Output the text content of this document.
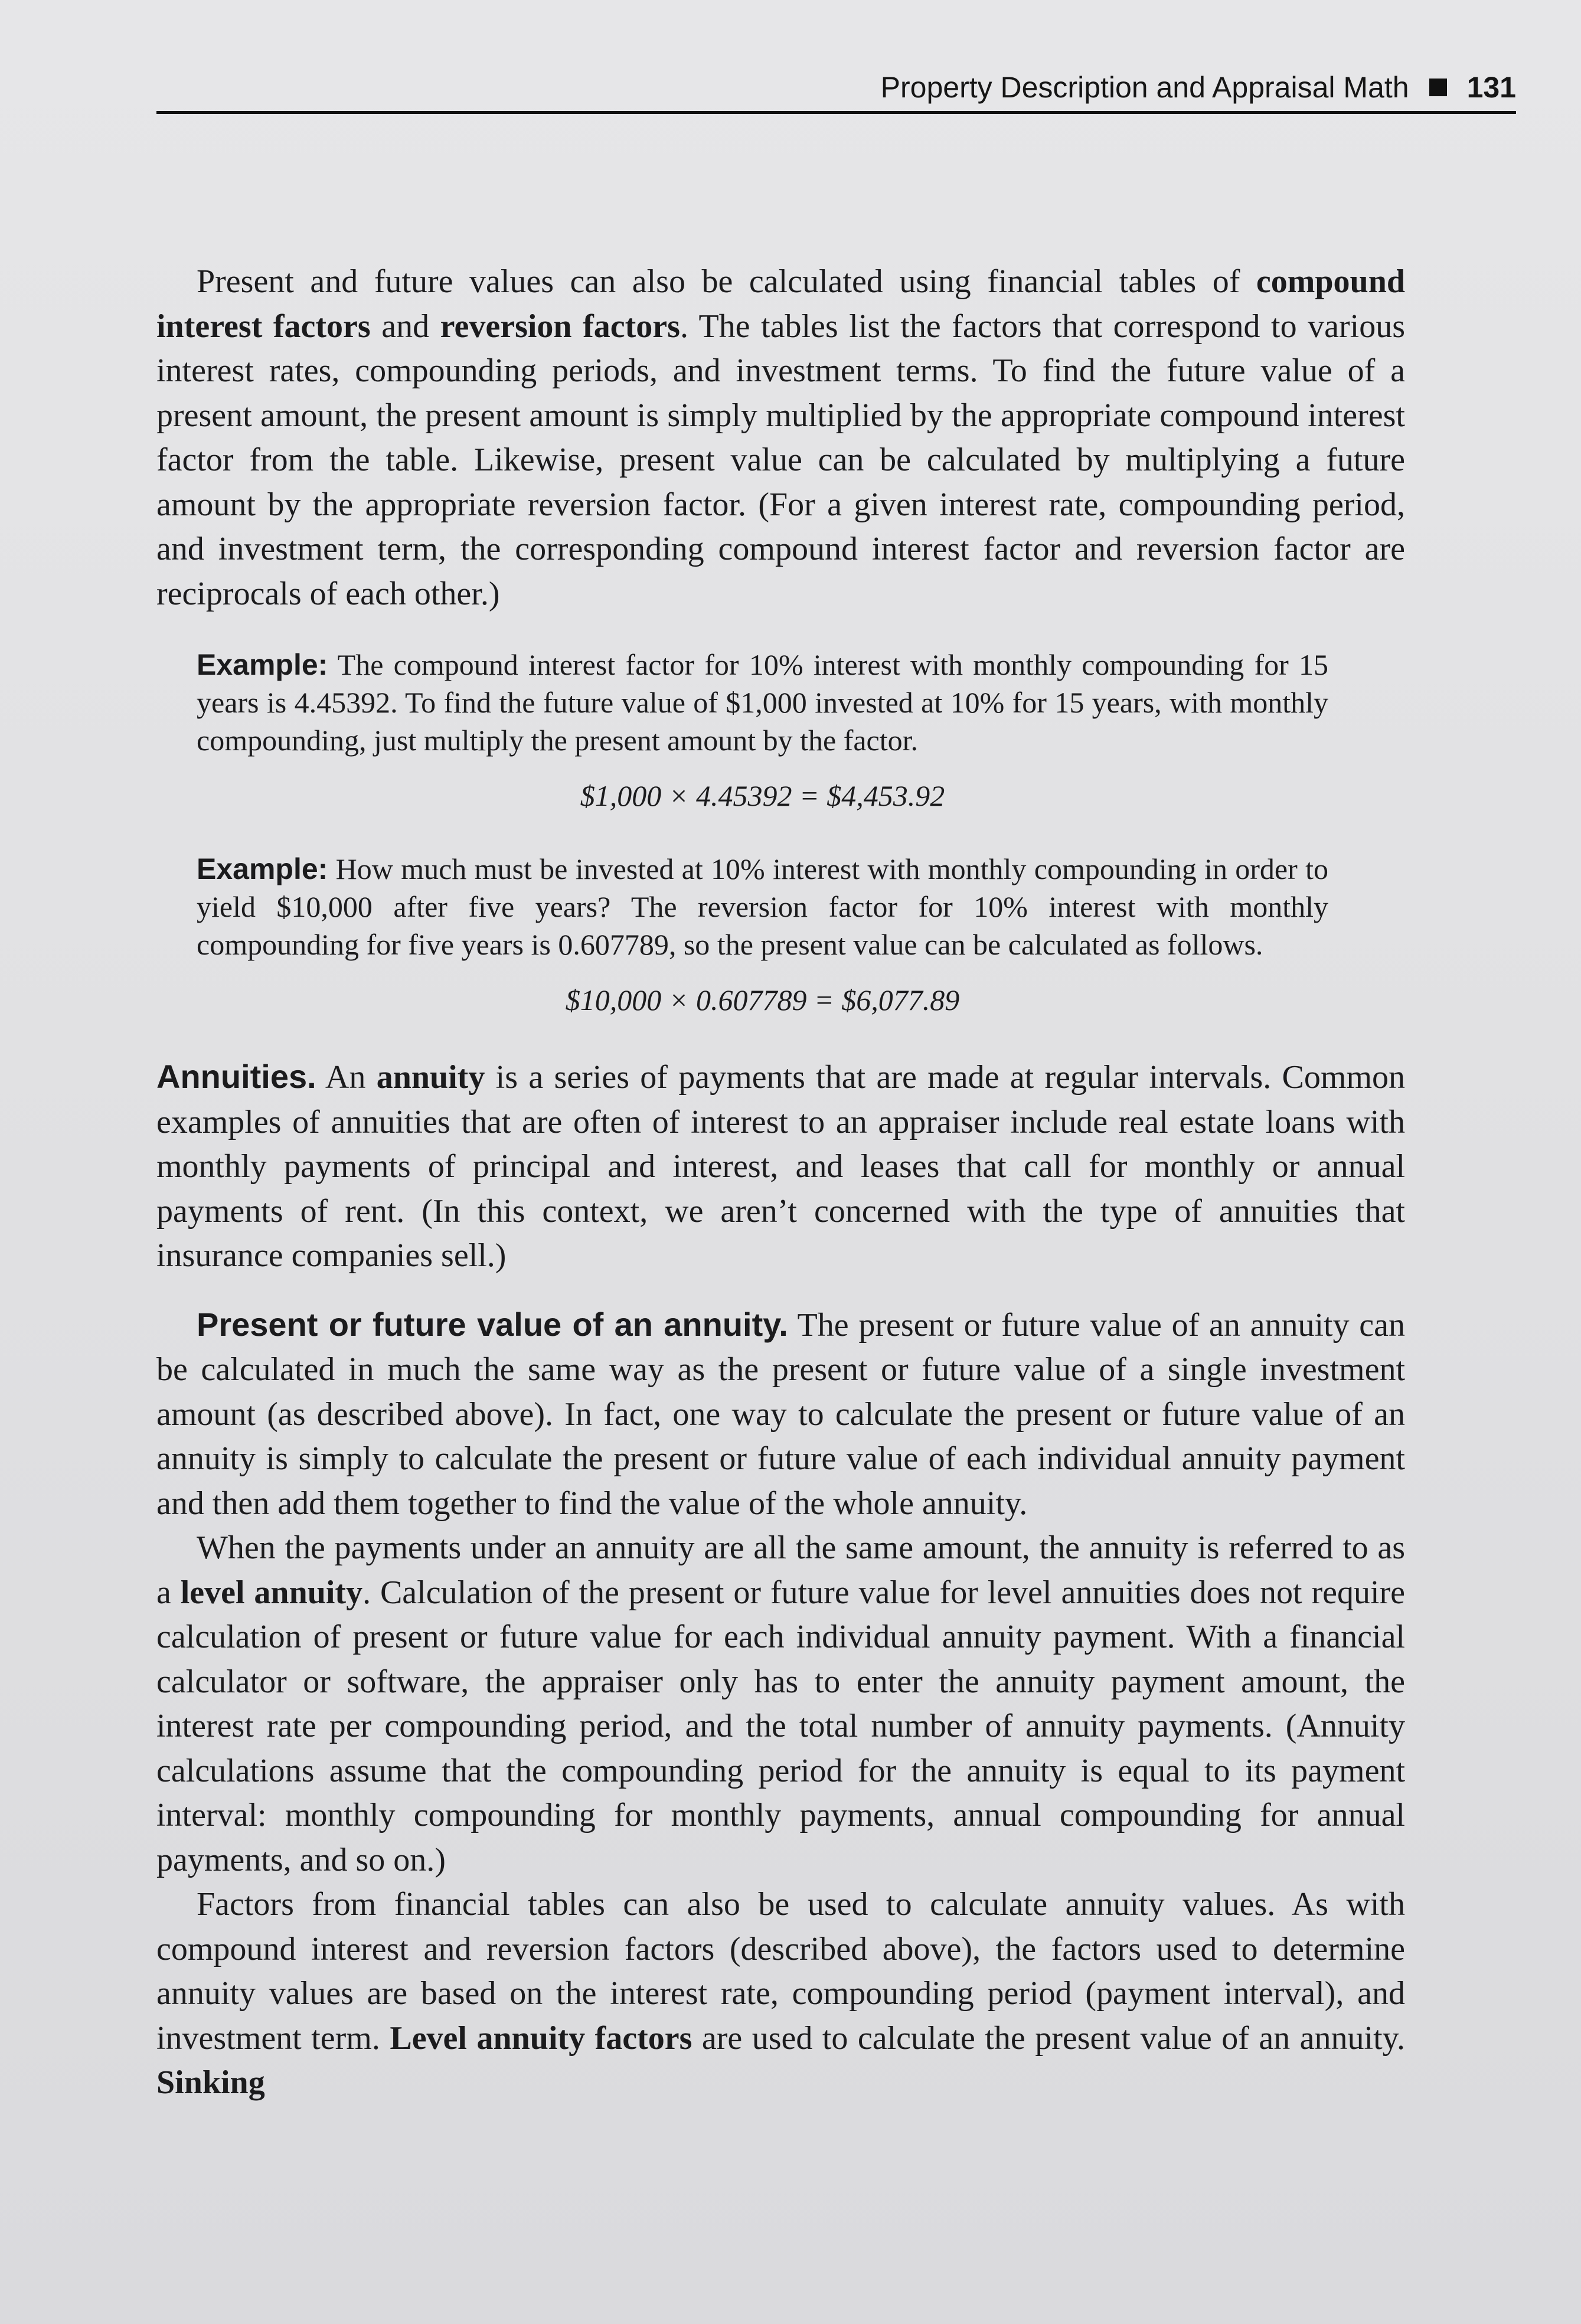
Property Description and Appraisal Math 131

Present and future values can also be calculated using financial tables of compound interest factors and reversion factors. The tables list the factors that correspond to various interest rates, compounding periods, and investment terms. To find the future value of a present amount, the present amount is simply multiplied by the appropriate compound interest factor from the table. Likewise, present value can be calculated by multiplying a future amount by the appropriate reversion factor. (For a given interest rate, compounding period, and investment term, the corresponding compound interest factor and reversion factor are reciprocals of each other.)

Example: The compound interest factor for 10% interest with monthly compounding for 15 years is 4.45392. To find the future value of $1,000 invested at 10% for 15 years, with monthly compounding, just multiply the present amount by the factor.

$1,000 × 4.45392 = $4,453.92

Example: How much must be invested at 10% interest with monthly compounding in order to yield $10,000 after five years? The reversion factor for 10% interest with monthly compounding for five years is 0.607789, so the present value can be calculated as follows.

$10,000 × 0.607789 = $6,077.89

Annuities. An annuity is a series of payments that are made at regular intervals. Common examples of annuities that are often of interest to an appraiser include real estate loans with monthly payments of principal and interest, and leases that call for monthly or annual payments of rent. (In this context, we aren’t concerned with the type of annuities that insurance companies sell.)

Present or future value of an annuity. The present or future value of an annuity can be calculated in much the same way as the present or future value of a single investment amount (as described above). In fact, one way to calculate the present or future value of an annuity is simply to calculate the present or future value of each individual annuity payment and then add them together to find the value of the whole annuity.

When the payments under an annuity are all the same amount, the annuity is referred to as a level annuity. Calculation of the present or future value for level annuities does not require calculation of present or future value for each individual annuity payment. With a financial calculator or software, the appraiser only has to enter the annuity payment amount, the interest rate per compounding period, and the total number of annuity payments. (Annuity calculations assume that the compounding period for the annuity is equal to its payment interval: monthly compounding for monthly payments, annual compounding for annual payments, and so on.)

Factors from financial tables can also be used to calculate annuity values. As with compound interest and reversion factors (described above), the factors used to determine annuity values are based on the interest rate, compounding period (payment interval), and investment term. Level annuity factors are used to calculate the present value of an annuity. Sinking
